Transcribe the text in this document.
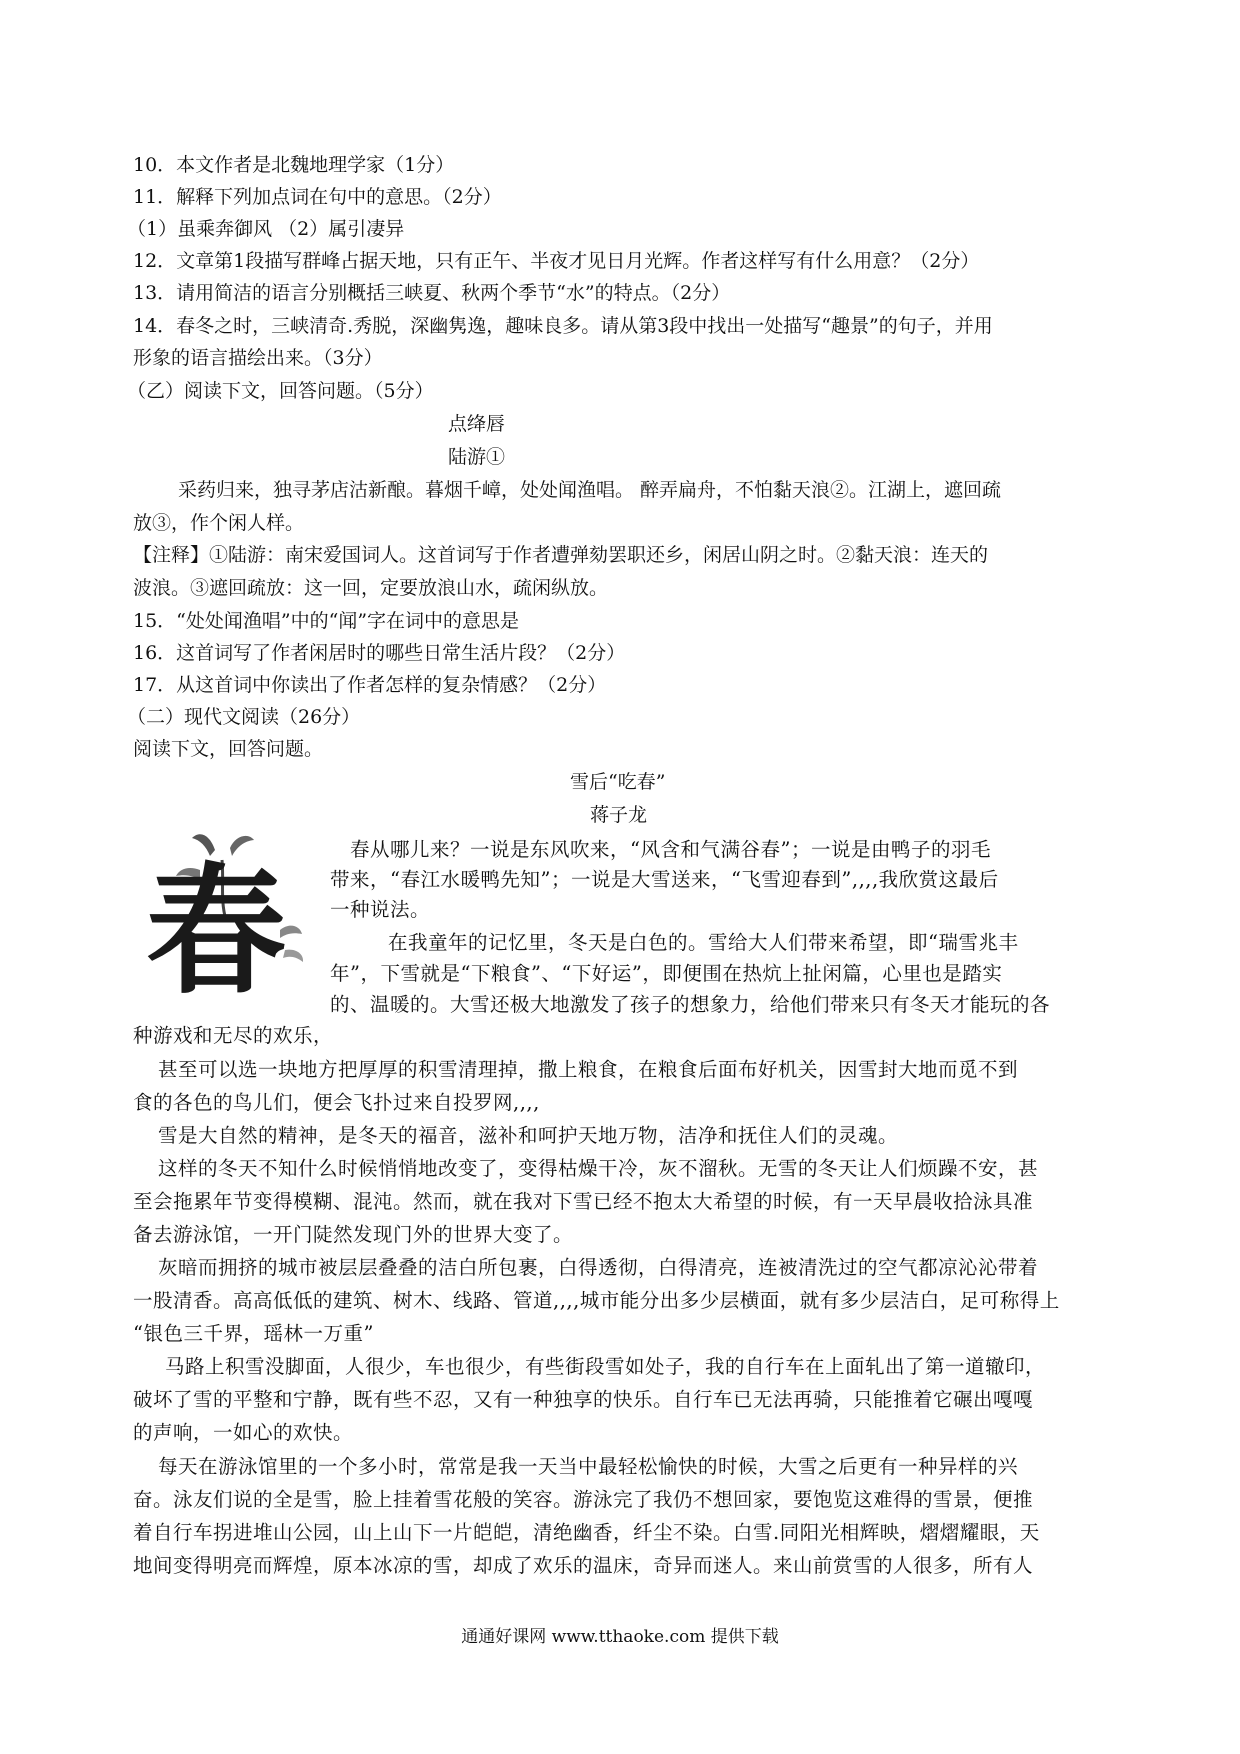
10．本文作者是北魏地理学家（1分）
11．解释下列加点词在句中的意思。（2分）
（1）虽乘奔御风 （2）属引凄异
12．文章第1段描写群峰占据天地，只有正午、半夜才见日月光辉。作者这样写有什么用意？（2分）
13．请用简洁的语言分别概括三峡夏、秋两个季节“水”的特点。（2分）
14．春冬之时，三峡清奇.秀脱，深幽隽逸，趣味良多。请从第3段中找出一处描写“趣景”的句子，并用
形象的语言描绘出来。（3分）
（乙）阅读下文，回答问题。（5分）
点绛唇
陆游①
采药归来，独寻茅店沽新酿。暮烟千嶂，处处闻渔唱。 醉弄扁舟，不怕黏天浪②。江湖上，遮回疏
放③，作个闲人样。
【注释】①陆游：南宋爱国词人。这首词写于作者遭弹劾罢职还乡，闲居山阴之时。②黏天浪：连天的
波浪。③遮回疏放：这一回，定要放浪山水，疏闲纵放。
15．“处处闻渔唱”中的“闻”字在词中的意思是
16．这首词写了作者闲居时的哪些日常生活片段？（2分）
17．从这首词中你读出了作者怎样的复杂情感？（2分）
（二）现代文阅读（26分）
阅读下文，回答问题。
雪后“吃春”
蒋子龙
春
春从哪儿来？一说是东风吹来，“风含和气满谷春”；一说是由鸭子的羽毛
带来，“春江水暖鸭先知”；一说是大雪送来，“飞雪迎春到”,,,,我欣赏这最后
一种说法。
在我童年的记忆里，冬天是白色的。雪给大人们带来希望，即“瑞雪兆丰
年”，下雪就是“下粮食”、“下好运”，即便围在热炕上扯闲篇，心里也是踏实
的、温暖的。大雪还极大地激发了孩子的想象力，给他们带来只有冬天才能玩的各
种游戏和无尽的欢乐，
甚至可以选一块地方把厚厚的积雪清理掉，撒上粮食，在粮食后面布好机关，因雪封大地而觅不到
食的各色的鸟儿们，便会飞扑过来自投罗网,,,,
雪是大自然的精神，是冬天的福音，滋补和呵护天地万物，洁净和抚住人们的灵魂。
这样的冬天不知什么时候悄悄地改变了，变得枯燥干冷，灰不溜秋。无雪的冬天让人们烦躁不安，甚
至会拖累年节变得模糊、混沌。然而，就在我对下雪已经不抱太大希望的时候，有一天早晨收拾泳具准
备去游泳馆，一开门陡然发现门外的世界大变了。
灰暗而拥挤的城市被层层叠叠的洁白所包裹，白得透彻，白得清亮，连被清洗过的空气都凉沁沁带着
一股清香。高高低低的建筑、树木、线路、管道,,,,城市能分出多少层横面，就有多少层洁白，足可称得上
“银色三千界，瑶林一万重”
马路上积雪没脚面，人很少，车也很少，有些街段雪如处子，我的自行车在上面轧出了第一道辙印，
破坏了雪的平整和宁静，既有些不忍，又有一种独享的快乐。自行车已无法再骑，只能推着它碾出嘎嘎
的声响，一如心的欢快。
每天在游泳馆里的一个多小时，常常是我一天当中最轻松愉快的时候，大雪之后更有一种异样的兴
奋。泳友们说的全是雪，脸上挂着雪花般的笑容。游泳完了我仍不想回家，要饱览这难得的雪景，便推
着自行车拐进堆山公园，山上山下一片皑皑，清绝幽香，纤尘不染。白雪.同阳光相辉映，熠熠耀眼，天
地间变得明亮而辉煌，原本冰凉的雪，却成了欢乐的温床，奇异而迷人。来山前赏雪的人很多，所有人
通通好课网 www.tthaoke.com 提供下载
